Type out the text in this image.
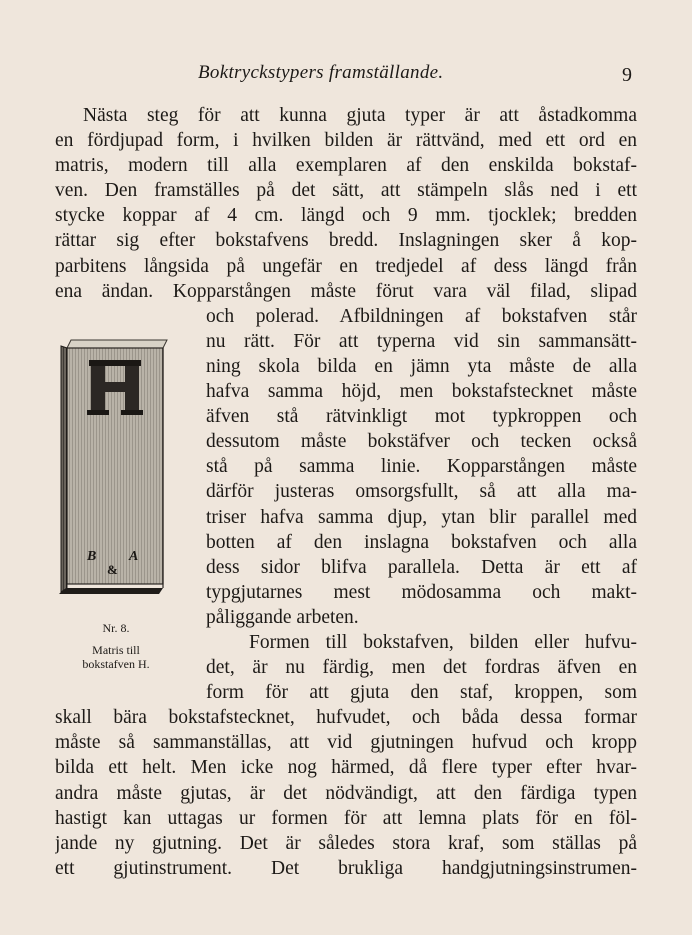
Boktryckstypers framställande.	9
Nästa steg för att kunna gjuta typer är att åstadkomma
en fördjupad form, i hvilken bilden är rättvänd, med ett ord en
matris, modern till alla exemplaren af den enskilda bokstaf-
ven. Den framställes på det sätt, att stämpeln slås ned i ett
stycke koppar af 4 cm. längd och 9 mm. tjocklek; bredden
rättar sig efter bokstafvens bredd. Inslagningen sker å kop-
parbitens långsida på ungefär en tredjedel af dess längd från
ena ändan. Kopparstången måste förut vara väl filad, slipad
och polerad. Afbildningen af bokstafven står
nu rätt. För att typerna vid sin sammansätt-
ning skola bilda en jämn yta måste de alla
hafva samma höjd, men bokstafstecknet måste
äfven stå rätvinkligt mot typkroppen och
dessutom måste bokstäfver och tecken också
stå på samma linie. Kopparstången måste
därför justeras omsorgsfullt, så att alla ma-
triser hafva samma djup, ytan blir parallel med
botten af den inslagna bokstafven och alla
dess sidor blifva parallela. Detta är ett af
typgjutarnes mest mödosamma och makt-
påliggande arbeten.
Formen till bokstafven, bilden eller hufvu-
det, är nu färdig, men det fordras äfven en
form för att gjuta den staf, kroppen, som
skall bära bokstafstecknet, hufvudet, och båda dessa formar
måste så sammanställas, att vid gjutningen hufvud och kropp
bilda ett helt. Men icke nog härmed, då flere typer efter hvar-
andra måste gjutas, är det nödvändigt, att den färdiga typen
hastigt kan uttagas ur formen för att lemna plats för en föl-
jande ny gjutning. Det är således stora kraf, som ställas på
ett gjutinstrument. Det brukliga handgjutningsinstrumen-
B
&
A
Nr. 8.
Matris till
bokstafven H.
